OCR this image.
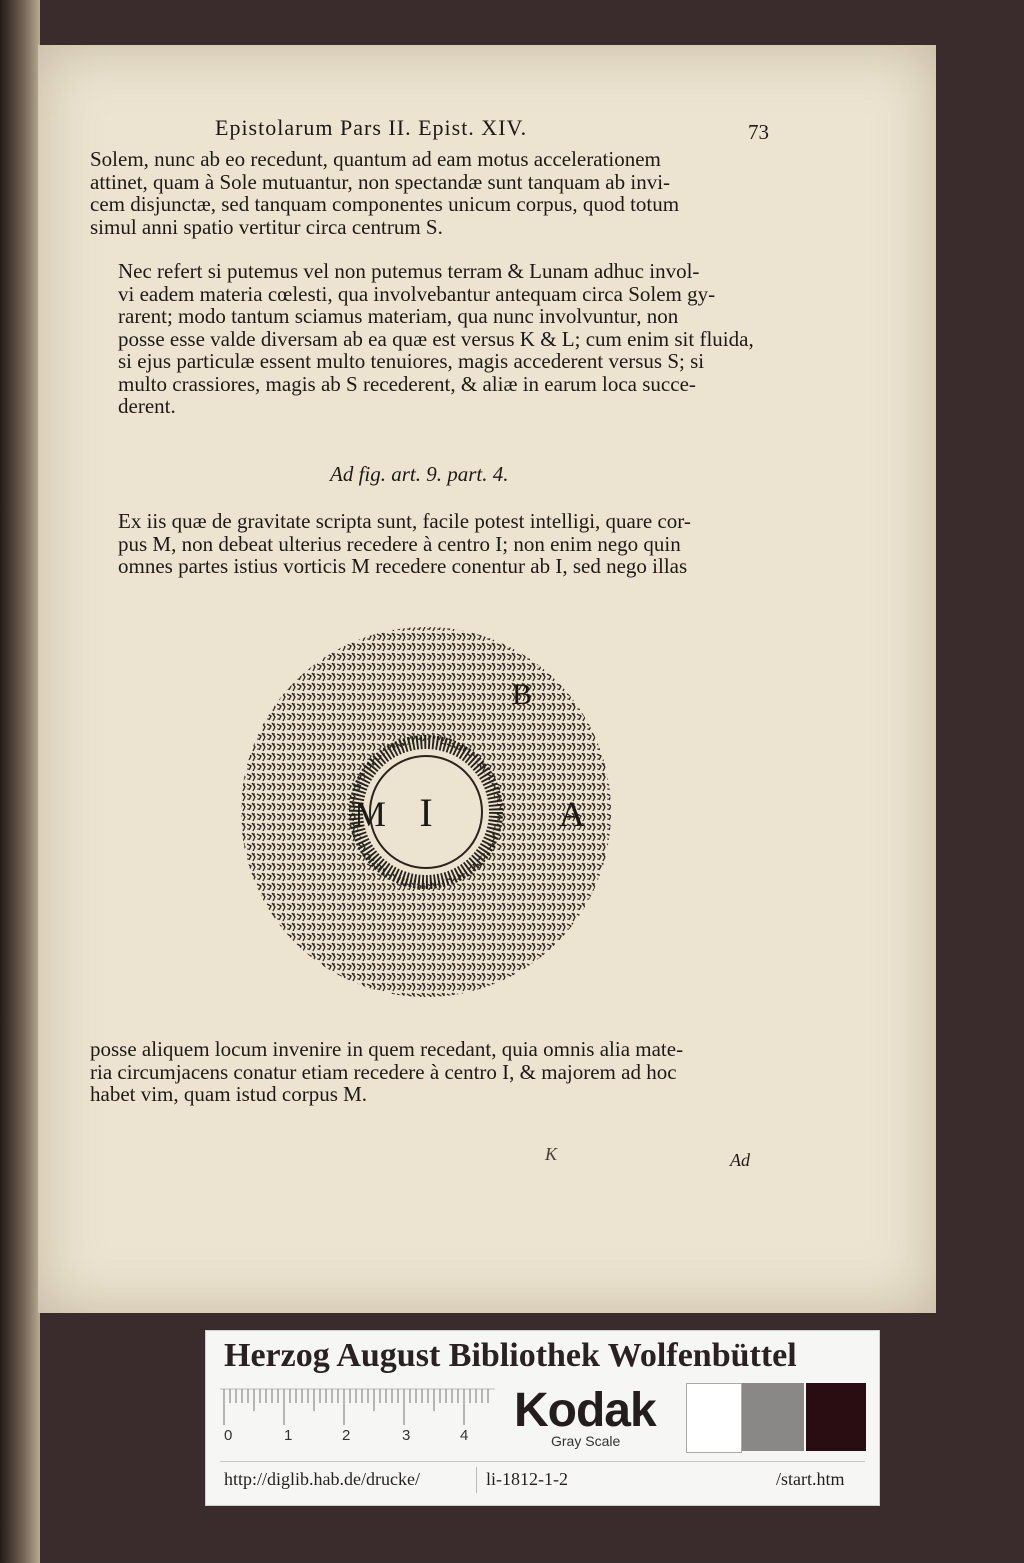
Epistolarum Pars II. Epist. XIV.	73

Solem, nunc ab eo recedunt, quantum ad eam motus accelerationem
attinet, quam à Sole mutuantur, non spectandæ sunt tanquam ab invi-
cem disjunctæ, sed tanquam componentes unicum corpus, quod totum
simul anni spatio vertitur circa centrum S.

Nec refert si putemus vel non putemus terram & Lunam adhuc invol-
vi eadem materia cœlesti, qua involvebantur antequam circa Solem gy-
rarent; modo tantum sciamus materiam, qua nunc involvuntur, non
posse esse valde diversam ab ea quæ est versus K & L; cum enim sit fluida,
si ejus particulæ essent multo tenuiores, magis accederent versus S; si
multo crassiores, magis ab S recederent, & aliæ in earum loca succe-
derent.

Ad fig. art. 9. part. 4.

Ex iis quæ de gravitate scripta sunt, facile potest intelligi, quare cor-
pus M, non debeat ulterius recedere à centro I; non enim nego quin
omnes partes istius vorticis M recedere conentur ab I, sed nego illas

I
M	A
B

posse aliquem locum invenire in quem recedant, quia omnis alia mate-
ria circumjacens conatur etiam recedere à centro I, & majorem ad hoc
habet vim, quam istud corpus M.

K	Ad
Herzog August Bibliothek Wolfenbüttel
0	1	2	3	4 Kodak
Gray Scale
http://diglib.hab.de/drucke/	li-1812-1-2	/start.htm
